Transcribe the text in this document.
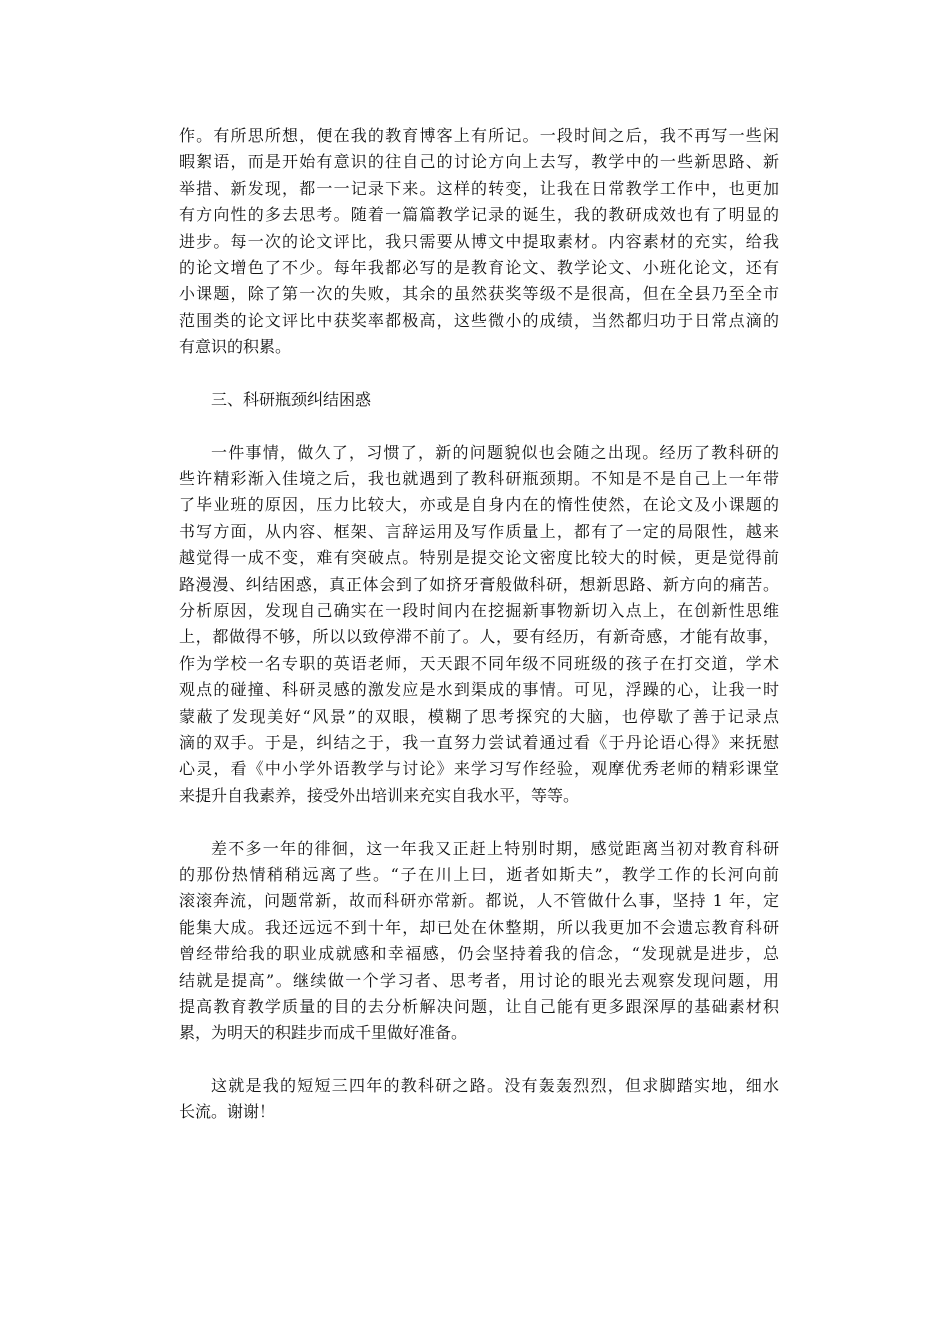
作。有所思所想，便在我的教育博客上有所记。一段时间之后，我不再写一些闲
暇絮语，而是开始有意识的往自己的讨论方向上去写，教学中的一些新思路、新
举措、新发现，都一一记录下来。这样的转变，让我在日常教学工作中，也更加
有方向性的多去思考。随着一篇篇教学记录的诞生，我的教研成效也有了明显的
进步。每一次的论文评比，我只需要从博文中提取素材。内容素材的充实，给我
的论文增色了不少。每年我都必写的是教育论文、教学论文、小班化论文，还有
小课题，除了第一次的失败，其余的虽然获奖等级不是很高，但在全县乃至全市
范围类的论文评比中获奖率都极高，这些微小的成绩，当然都归功于日常点滴的
有意识的积累。
三、科研瓶颈纠结困惑
一件事情，做久了，习惯了，新的问题貌似也会随之出现。经历了教科研的
些许精彩渐入佳境之后，我也就遇到了教科研瓶颈期。不知是不是自己上一年带
了毕业班的原因，压力比较大，亦或是自身内在的惰性使然，在论文及小课题的
书写方面，从内容、框架、言辞运用及写作质量上，都有了一定的局限性，越来
越觉得一成不变，难有突破点。特别是提交论文密度比较大的时候，更是觉得前
路漫漫、纠结困惑，真正体会到了如挤牙膏般做科研，想新思路、新方向的痛苦。
分析原因，发现自己确实在一段时间内在挖掘新事物新切入点上，在创新性思维
上，都做得不够，所以以致停滞不前了。人，要有经历，有新奇感，才能有故事，
作为学校一名专职的英语老师，天天跟不同年级不同班级的孩子在打交道，学术
观点的碰撞、科研灵感的激发应是水到渠成的事情。可见，浮躁的心，让我一时
蒙蔽了发现美好“风景”的双眼，模糊了思考探究的大脑，也停歇了善于记录点
滴的双手。于是，纠结之于，我一直努力尝试着通过看《于丹论语心得》来抚慰
心灵，看《中小学外语教学与讨论》来学习写作经验，观摩优秀老师的精彩课堂
来提升自我素养，接受外出培训来充实自我水平，等等。
差不多一年的徘徊，这一年我又正赶上特别时期，感觉距离当初对教育科研
的那份热情稍稍远离了些。“子在川上曰，逝者如斯夫”，教学工作的长河向前
滚滚奔流，问题常新，故而科研亦常新。都说，人不管做什么事，坚持 1 年，定
能集大成。我还远远不到十年，却已处在休整期，所以我更加不会遗忘教育科研
曾经带给我的职业成就感和幸福感，仍会坚持着我的信念，“发现就是进步，总
结就是提高”。继续做一个学习者、思考者，用讨论的眼光去观察发现问题，用
提高教育教学质量的目的去分析解决问题，让自己能有更多跟深厚的基础素材积
累，为明天的积跬步而成千里做好准备。
这就是我的短短三四年的教科研之路。没有轰轰烈烈，但求脚踏实地，细水
长流。谢谢！
